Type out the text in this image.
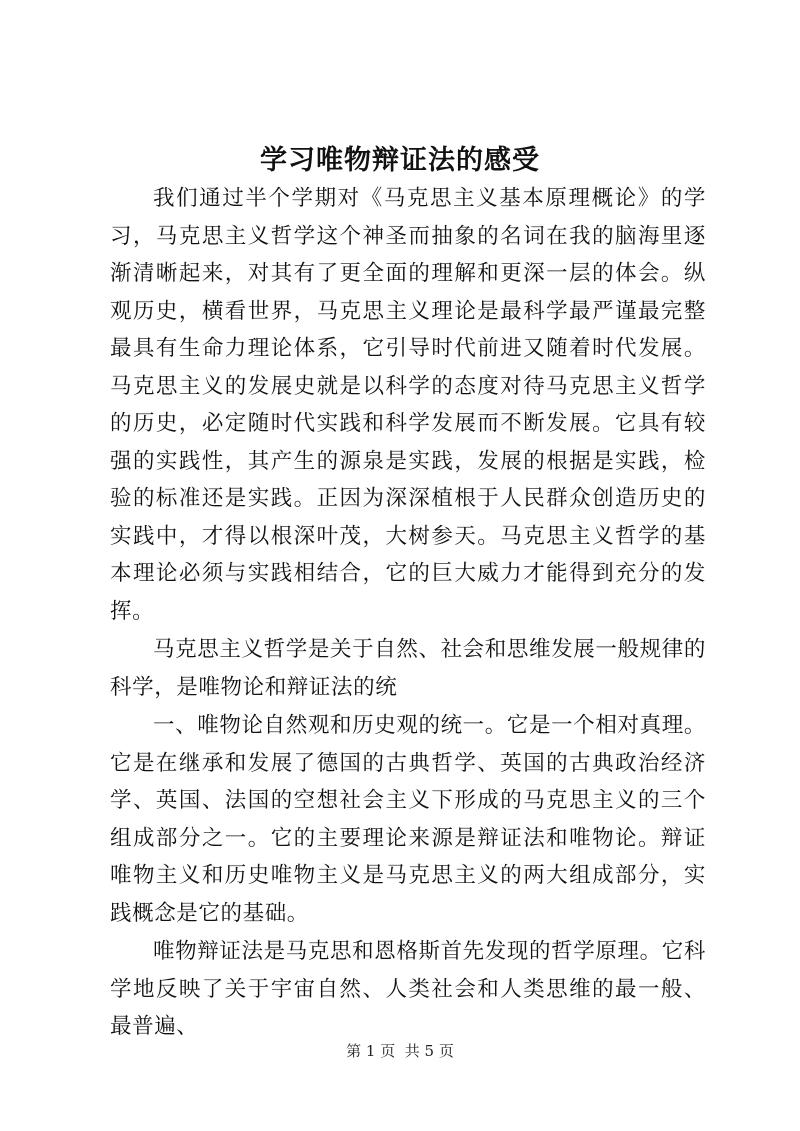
学习唯物辩证法的感受

我们通过半个学期对《马克思主义基本原理概论》的学习，马克思主义哲学这个神圣而抽象的名词在我的脑海里逐渐清晰起来，对其有了更全面的理解和更深一层的体会。纵观历史，横看世界，马克思主义理论是最科学最严谨最完整最具有生命力理论体系，它引导时代前进又随着时代发展。马克思主义的发展史就是以科学的态度对待马克思主义哲学的历史，必定随时代实践和科学发展而不断发展。它具有较强的实践性，其产生的源泉是实践，发展的根据是实践，检验的标准还是实践。正因为深深植根于人民群众创造历史的实践中，才得以根深叶茂，大树参天。马克思主义哲学的基本理论必须与实践相结合，它的巨大威力才能得到充分的发挥。

马克思主义哲学是关于自然、社会和思维发展一般规律的科学，是唯物论和辩证法的统

一、唯物论自然观和历史观的统一。它是一个相对真理。它是在继承和发展了德国的古典哲学、英国的古典政治经济学、英国、法国的空想社会主义下形成的马克思主义的三个组成部分之一。它的主要理论来源是辩证法和唯物论。辩证唯物主义和历史唯物主义是马克思主义的两大组成部分，实践概念是它的基础。

唯物辩证法是马克思和恩格斯首先发现的哲学原理。它科学地反映了关于宇宙自然、人类社会和人类思维的最一般、最普遍、

第 1 页  共 5 页
